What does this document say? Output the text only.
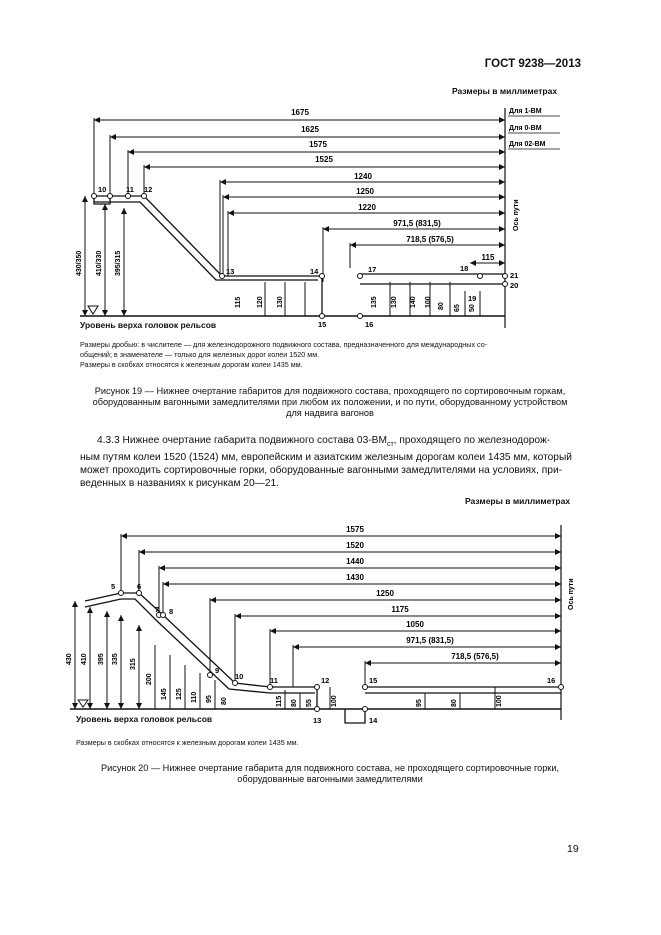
ГОСТ 9238—2013
Размеры в миллиметрах
1675
1625
1575
1525
1240
1250
1220
971,5 (831,5)
718,5 (576,5)
115
Для 1-ВМ
Для 0-ВМ
Для 02-ВМ
Ось пути
430/350 410/330 395/315
115 120 130	135 130 140 100 80 65 50
10	11 12
13	14
15	16
17	18
19
20
21
Уровень верха головок рельсов
Размеры дробью: в числителе — для железнодорожного подвижного состава, предназначенного для международных со-
общений; в знаменателе — только для железных дорог колеи 1520 мм.
Размеры в скобках относятся к железным дорогам колеи 1435 мм.
Рисунок 19 — Нижнее очертание габаритов для подвижного состава, проходящего по сортировочным горкам,
оборудованным вагонными замедлителями при любом их положении, и по пути, оборудованному устройством
для надвига вагонов
4.3.3 Нижнее очертание габарита подвижного состава $03-ВМ_{ст}$, проходящего по железнодорож-
ным путям колеи 1520 (1524) мм, европейским и азиатским железным дорогам колеи 1435 мм, который
может проходить сортировочные горки, оборудованные вагонными замедлителями на условиях, при-
веденных в названиях к рисункам 20—21.
Размеры в миллиметрах
Ось пути
1575
1520
1440
1430
1250
1175
1050
971,5 (831,5)
718,5 (576,5)
430 410 395 335 315
200
145 125 110 95 80	115 80 55	100	95	80	100
5	6
7 8
9
10	11	12
13	14
15	16
Уровень верха головок рельсов
Размеры в скобках относятся к железным дорогам колеи 1435 мм.
Рисунок 20 — Нижнее очертание габарита для подвижного состава, не проходящего сортировочные горки,
оборудованные вагонными замедлителями
19
